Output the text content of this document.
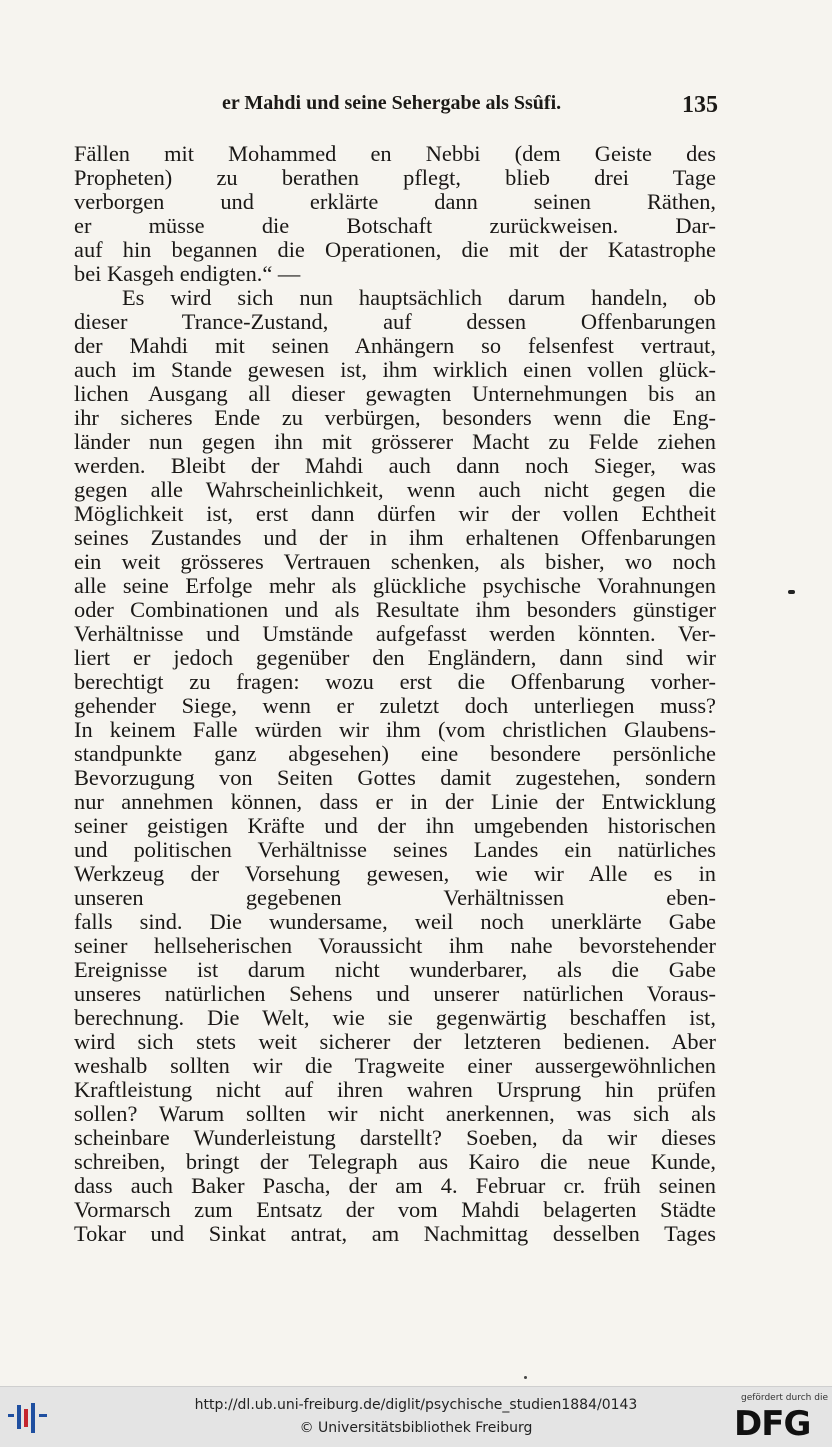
er Mahdi und seine Sehergabe als Ssûfi.	135
Fällen mit Mohammed en Nebbi (dem Geiste des
Propheten) zu berathen pflegt, blieb drei Tage
verborgen und erklärte dann seinen Räthen,
er müsse die Botschaft zurückweisen. Dar-
auf hin begannen die Operationen, die mit der Katastrophe
bei Kasgeh endigten.“ —
Es wird sich nun hauptsächlich darum handeln, ob
dieser Trance-Zustand, auf dessen Offenbarungen
der Mahdi mit seinen Anhängern so felsenfest vertraut,
auch im Stande gewesen ist, ihm wirklich einen vollen glück-
lichen Ausgang all dieser gewagten Unternehmungen bis an
ihr sicheres Ende zu verbürgen, besonders wenn die Eng-
länder nun gegen ihn mit grösserer Macht zu Felde ziehen
werden. Bleibt der Mahdi auch dann noch Sieger, was
gegen alle Wahrscheinlichkeit, wenn auch nicht gegen die
Möglichkeit ist, erst dann dürfen wir der vollen Echtheit
seines Zustandes und der in ihm erhaltenen Offenbarungen
ein weit grösseres Vertrauen schenken, als bisher, wo noch
alle seine Erfolge mehr als glückliche psychische Vorahnungen
oder Combinationen und als Resultate ihm besonders günstiger
Verhältnisse und Umstände aufgefasst werden könnten. Ver-
liert er jedoch gegenüber den Engländern, dann sind wir
berechtigt zu fragen: wozu erst die Offenbarung vorher-
gehender Siege, wenn er zuletzt doch unterliegen muss?
In keinem Falle würden wir ihm (vom christlichen Glaubens-
standpunkte ganz abgesehen) eine besondere persönliche
Bevorzugung von Seiten Gottes damit zugestehen, sondern
nur annehmen können, dass er in der Linie der Entwicklung
seiner geistigen Kräfte und der ihn umgebenden historischen
und politischen Verhältnisse seines Landes ein natürliches
Werkzeug der Vorsehung gewesen, wie wir Alle es in
unseren gegebenen Verhältnissen eben-
falls sind. Die wundersame, weil noch unerklärte Gabe
seiner hellseherischen Voraussicht ihm nahe bevorstehender
Ereignisse ist darum nicht wunderbarer, als die Gabe
unseres natürlichen Sehens und unserer natürlichen Voraus-
berechnung. Die Welt, wie sie gegenwärtig beschaffen ist,
wird sich stets weit sicherer der letzteren bedienen. Aber
weshalb sollten wir die Tragweite einer aussergewöhnlichen
Kraftleistung nicht auf ihren wahren Ursprung hin prüfen
sollen? Warum sollten wir nicht anerkennen, was sich als
scheinbare Wunderleistung darstellt? Soeben, da wir dieses
schreiben, bringt der Telegraph aus Kairo die neue Kunde,
dass auch Baker Pascha, der am 4. Februar cr. früh seinen
Vormarsch zum Entsatz der vom Mahdi belagerten Städte
Tokar und Sinkat antrat, am Nachmittag desselben Tages
http://dl.ub.uni-freiburg.de/diglit/psychische_studien1884/0143
© Universitätsbibliothek Freiburg
gefördert durch die
DFG
